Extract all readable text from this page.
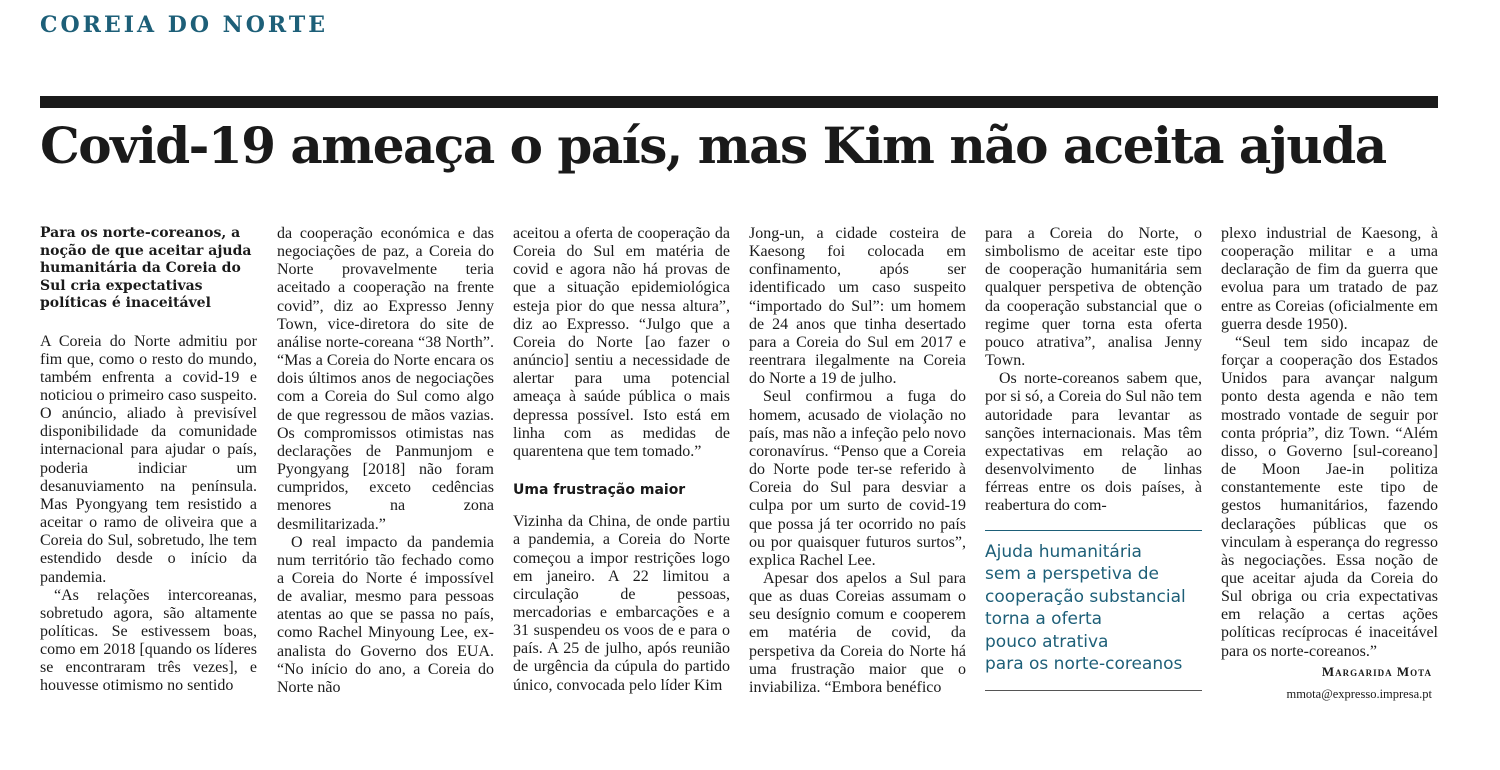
COREIA DO NORTE
Covid-19 ameaça o país, mas Kim não aceita ajuda
Para os norte-coreanos, a noção de que aceitar ajuda humanitária da Coreia do Sul cria expectativas políticas é inaceitável

A Coreia do Norte admitiu por fim que, como o resto do mundo, também enfrenta a covid-19 e noticiou o primeiro caso suspeito. O anúncio, aliado à previsível disponibilidade da comunidade internacional para ajudar o país, poderia indiciar um desanuviamento na península. Mas Pyongyang tem resistido a aceitar o ramo de oliveira que a Coreia do Sul, sobretudo, lhe tem estendido desde o início da pandemia.

“As relações intercoreanas, sobretudo agora, são altamente políticas. Se estivessem boas, como em 2018 [quando os líderes se encontraram três vezes], e houvesse otimismo no sentido

da cooperação económica e das negociações de paz, a Coreia do Norte provavelmente teria aceitado a cooperação na frente covid”, diz ao Expresso Jenny Town, vice-diretora do site de análise norte-coreana “38 North”. “Mas a Coreia do Norte encara os dois últimos anos de negociações com a Coreia do Sul como algo de que regressou de mãos vazias. Os compromissos otimistas nas declarações de Panmunjom e Pyongyang [2018] não foram cumpridos, exceto cedências menores na zona desmilitarizada.”

O real impacto da pandemia num território tão fechado como a Coreia do Norte é impossível de avaliar, mesmo para pessoas atentas ao que se passa no país, como Rachel Minyoung Lee, ex-analista do Governo dos EUA. “No início do ano, a Coreia do Norte não

aceitou a oferta de cooperação da Coreia do Sul em matéria de covid e agora não há provas de que a situação epidemiológica esteja pior do que nessa altura”, diz ao Expresso. “Julgo que a Coreia do Norte [ao fazer o anúncio] sentiu a necessidade de alertar para uma potencial ameaça à saúde pública o mais depressa possível. Isto está em linha com as medidas de quarentena que tem tomado.”

Uma frustração maior

Vizinha da China, de onde partiu a pandemia, a Coreia do Norte começou a impor restrições logo em janeiro. A 22 limitou a circulação de pessoas, mercadorias e embarcações e a 31 suspendeu os voos de e para o país. A 25 de julho, após reunião de urgência da cúpula do partido único, convocada pelo líder Kim

Jong-un, a cidade costeira de Kaesong foi colocada em confinamento, após ser identificado um caso suspeito “importado do Sul”: um homem de 24 anos que tinha desertado para a Coreia do Sul em 2017 e reentrara ilegalmente na Coreia do Norte a 19 de julho.

Seul confirmou a fuga do homem, acusado de violação no país, mas não a infeção pelo novo coronavírus. “Penso que a Coreia do Norte pode ter-se referido à Coreia do Sul para desviar a culpa por um surto de covid-19 que possa já ter ocorrido no país ou por quaisquer futuros surtos”, explica Rachel Lee.

Apesar dos apelos a Sul para que as duas Coreias assumam o seu desígnio comum e cooperem em matéria de covid, da perspetiva da Coreia do Norte há uma frustração maior que o inviabiliza. “Embora benéfico

para a Coreia do Norte, o simbolismo de aceitar este tipo de cooperação humanitária sem qualquer perspetiva de obtenção da cooperação substancial que o regime quer torna esta oferta pouco atrativa”, analisa Jenny Town.

Os norte-coreanos sabem que, por si só, a Coreia do Sul não tem autoridade para levantar as sanções internacionais. Mas têm expectativas em relação ao desenvolvimento de linhas férreas entre os dois países, à reabertura do com-

Ajuda humanitária
sem a perspetiva de
cooperação substancial
torna a oferta
pouco atrativa
para os norte-coreanos

plexo industrial de Kaesong, à cooperação militar e a uma declaração de fim da guerra que evolua para um tratado de paz entre as Coreias (oficialmente em guerra desde 1950).

“Seul tem sido incapaz de forçar a cooperação dos Estados Unidos para avançar nalgum ponto desta agenda e não tem mostrado vontade de seguir por conta própria”, diz Town. “Além disso, o Governo [sul-coreano] de Moon Jae-in politiza constantemente este tipo de gestos humanitários, fazendo declarações públicas que os vinculam à esperança do regresso às negociações. Essa noção de que aceitar ajuda da Coreia do Sul obriga ou cria expectativas em relação a certas ações políticas recíprocas é inaceitável para os norte-coreanos.”

Margarida Mota
mmota@expresso.impresa.pt
